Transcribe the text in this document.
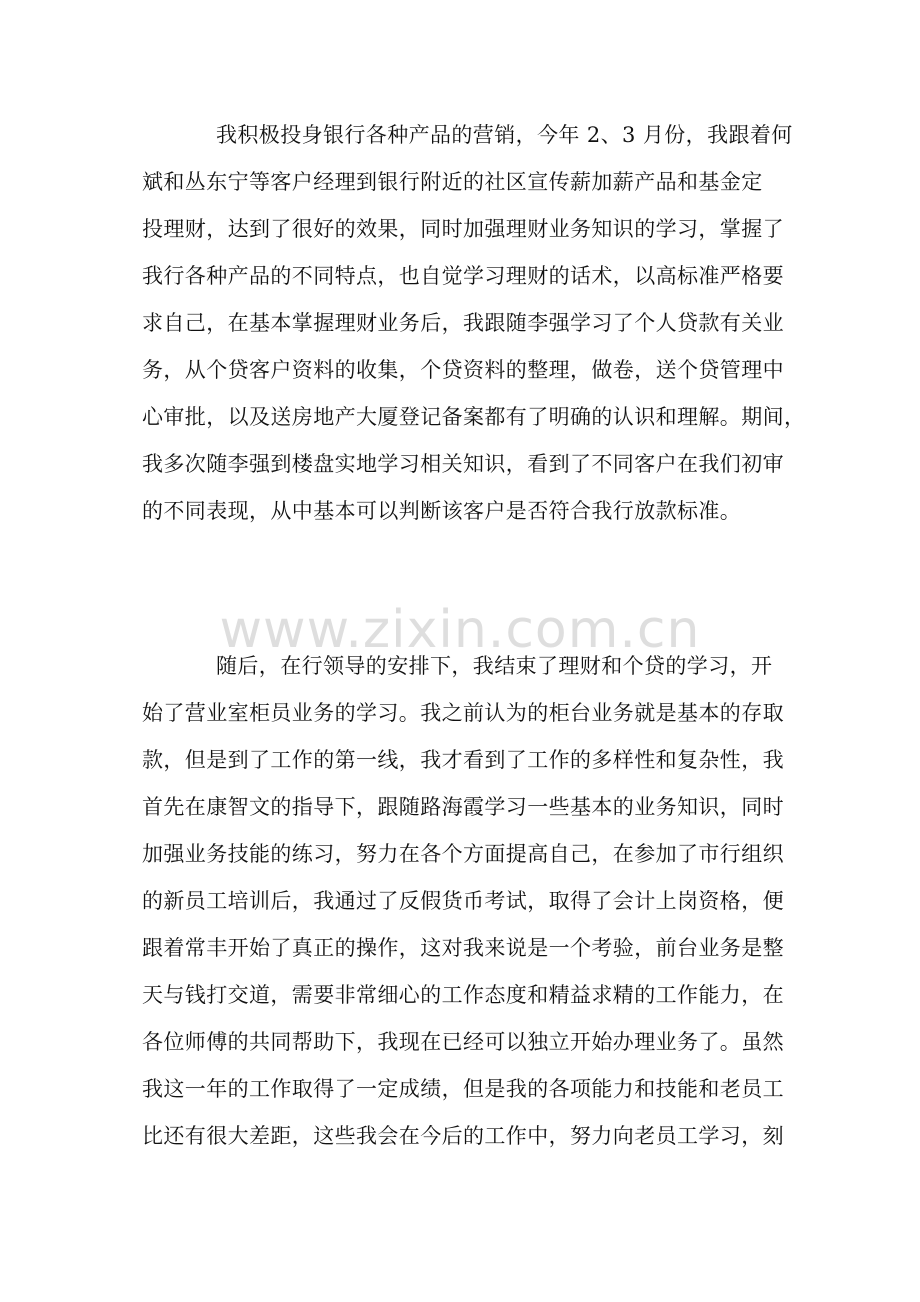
www.zixin.com.cn
我积极投身银行各种产品的营销，今年 2、3 月份，我跟着何
斌和丛东宁等客户经理到银行附近的社区宣传薪加薪产品和基金定
投理财，达到了很好的效果，同时加强理财业务知识的学习，掌握了
我行各种产品的不同特点，也自觉学习理财的话术，以高标准严格要
求自己，在基本掌握理财业务后，我跟随李强学习了个人贷款有关业
务，从个贷客户资料的收集，个贷资料的整理，做卷，送个贷管理中
心审批，以及送房地产大厦登记备案都有了明确的认识和理解。期间，
我多次随李强到楼盘实地学习相关知识，看到了不同客户在我们初审
的不同表现，从中基本可以判断该客户是否符合我行放款标准。
随后，在行领导的安排下，我结束了理财和个贷的学习，开
始了营业室柜员业务的学习。我之前认为的柜台业务就是基本的存取
款，但是到了工作的第一线，我才看到了工作的多样性和复杂性，我
首先在康智文的指导下，跟随路海霞学习一些基本的业务知识，同时
加强业务技能的练习，努力在各个方面提高自己，在参加了市行组织
的新员工培训后，我通过了反假货币考试，取得了会计上岗资格，便
跟着常丰开始了真正的操作，这对我来说是一个考验，前台业务是整
天与钱打交道，需要非常细心的工作态度和精益求精的工作能力，在
各位师傅的共同帮助下，我现在已经可以独立开始办理业务了。虽然
我这一年的工作取得了一定成绩，但是我的各项能力和技能和老员工
比还有很大差距，这些我会在今后的工作中，努力向老员工学习，刻
